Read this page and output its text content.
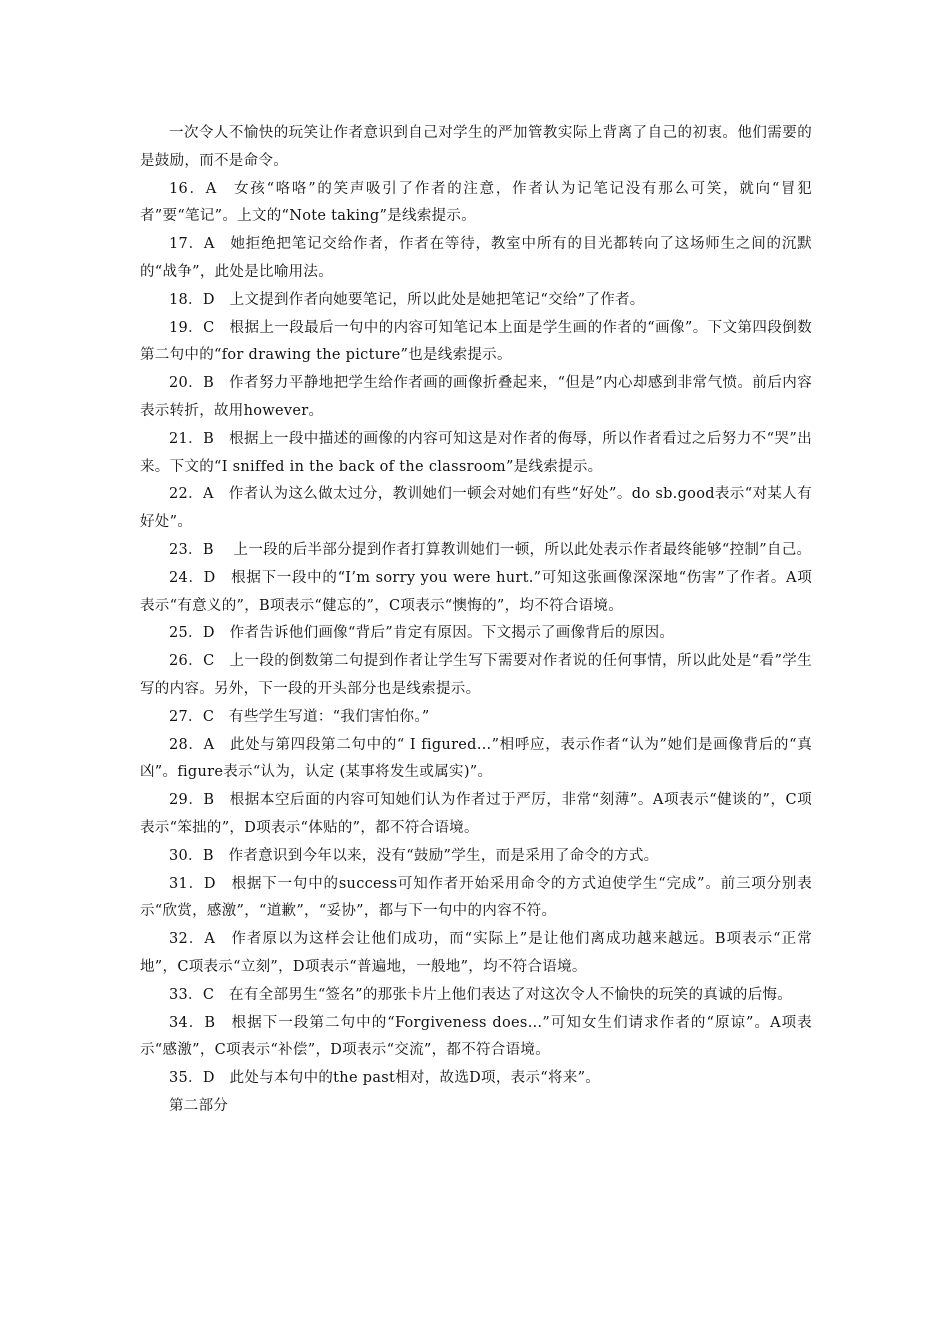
一次令人不愉快的玩笑让作者意识到自己对学生的严加管教实际上背离了自己的初衷。他们需要的是鼓励，而不是命令。

16．A　女孩“咯咯”的笑声吸引了作者的注意，作者认为记笔记没有那么可笑，就向“冒犯者”要“笔记”。上文的“Note taking”是线索提示。

17．A　她拒绝把笔记交给作者，作者在等待，教室中所有的目光都转向了这场师生之间的沉默的“战争”，此处是比喻用法。

18．D　上文提到作者向她要笔记，所以此处是她把笔记“交给”了作者。

19．C　根据上一段最后一句中的内容可知笔记本上面是学生画的作者的“画像”。下文第四段倒数第二句中的“for drawing the picture”也是线索提示。

20．B　作者努力平静地把学生给作者画的画像折叠起来，“但是”内心却感到非常气愤。前后内容表示转折，故用however。

21．B　根据上一段中描述的画像的内容可知这是对作者的侮辱，所以作者看过之后努力不“哭”出来。下文的“I sniffed in the back of the classroom”是线索提示。

22．A　作者认为这么做太过分，教训她们一顿会对她们有些“好处”。do sb.good表示“对某人有好处”。

23．B　 上一段的后半部分提到作者打算教训她们一顿，所以此处表示作者最终能够“控制”自己。

24．D　根据下一段中的“I’m sorry you were hurt.”可知这张画像深深地“伤害”了作者。A项表示“有意义的”，B项表示“健忘的”，C项表示“懊悔的”，均不符合语境。

25．D　作者告诉他们画像“背后”肯定有原因。下文揭示了画像背后的原因。

26．C　上一段的倒数第二句提到作者让学生写下需要对作者说的任何事情，所以此处是“看”学生写的内容。另外，下一段的开头部分也是线索提示。

27．C　有些学生写道：“我们害怕你。”

28．A　此处与第四段第二句中的“ I figured…”相呼应，表示作者“认为”她们是画像背后的“真凶”。figure表示“认为，认定 (某事将发生或属实)”。

29．B　根据本空后面的内容可知她们认为作者过于严厉，非常“刻薄”。A项表示“健谈的”，C项表示“笨拙的”，D项表示“体贴的”，都不符合语境。

30．B　作者意识到今年以来，没有“鼓励”学生，而是采用了命令的方式。

31．D　根据下一句中的success可知作者开始采用命令的方式迫使学生“完成”。前三项分别表示“欣赏，感激”，“道歉”，“妥协”，都与下一句中的内容不符。

32．A　作者原以为这样会让他们成功，而“实际上”是让他们离成功越来越远。B项表示“正常地”，C项表示“立刻”，D项表示“普遍地，一般地”，均不符合语境。

33．C　在有全部男生“签名”的那张卡片上他们表达了对这次令人不愉快的玩笑的真诚的后悔。

34．B　根据下一段第二句中的“Forgiveness does…”可知女生们请求作者的“原谅”。A项表示“感激”，C项表示“补偿”，D项表示“交流”，都不符合语境。

35．D　此处与本句中的the past相对，故选D项，表示“将来”。

第二部分
